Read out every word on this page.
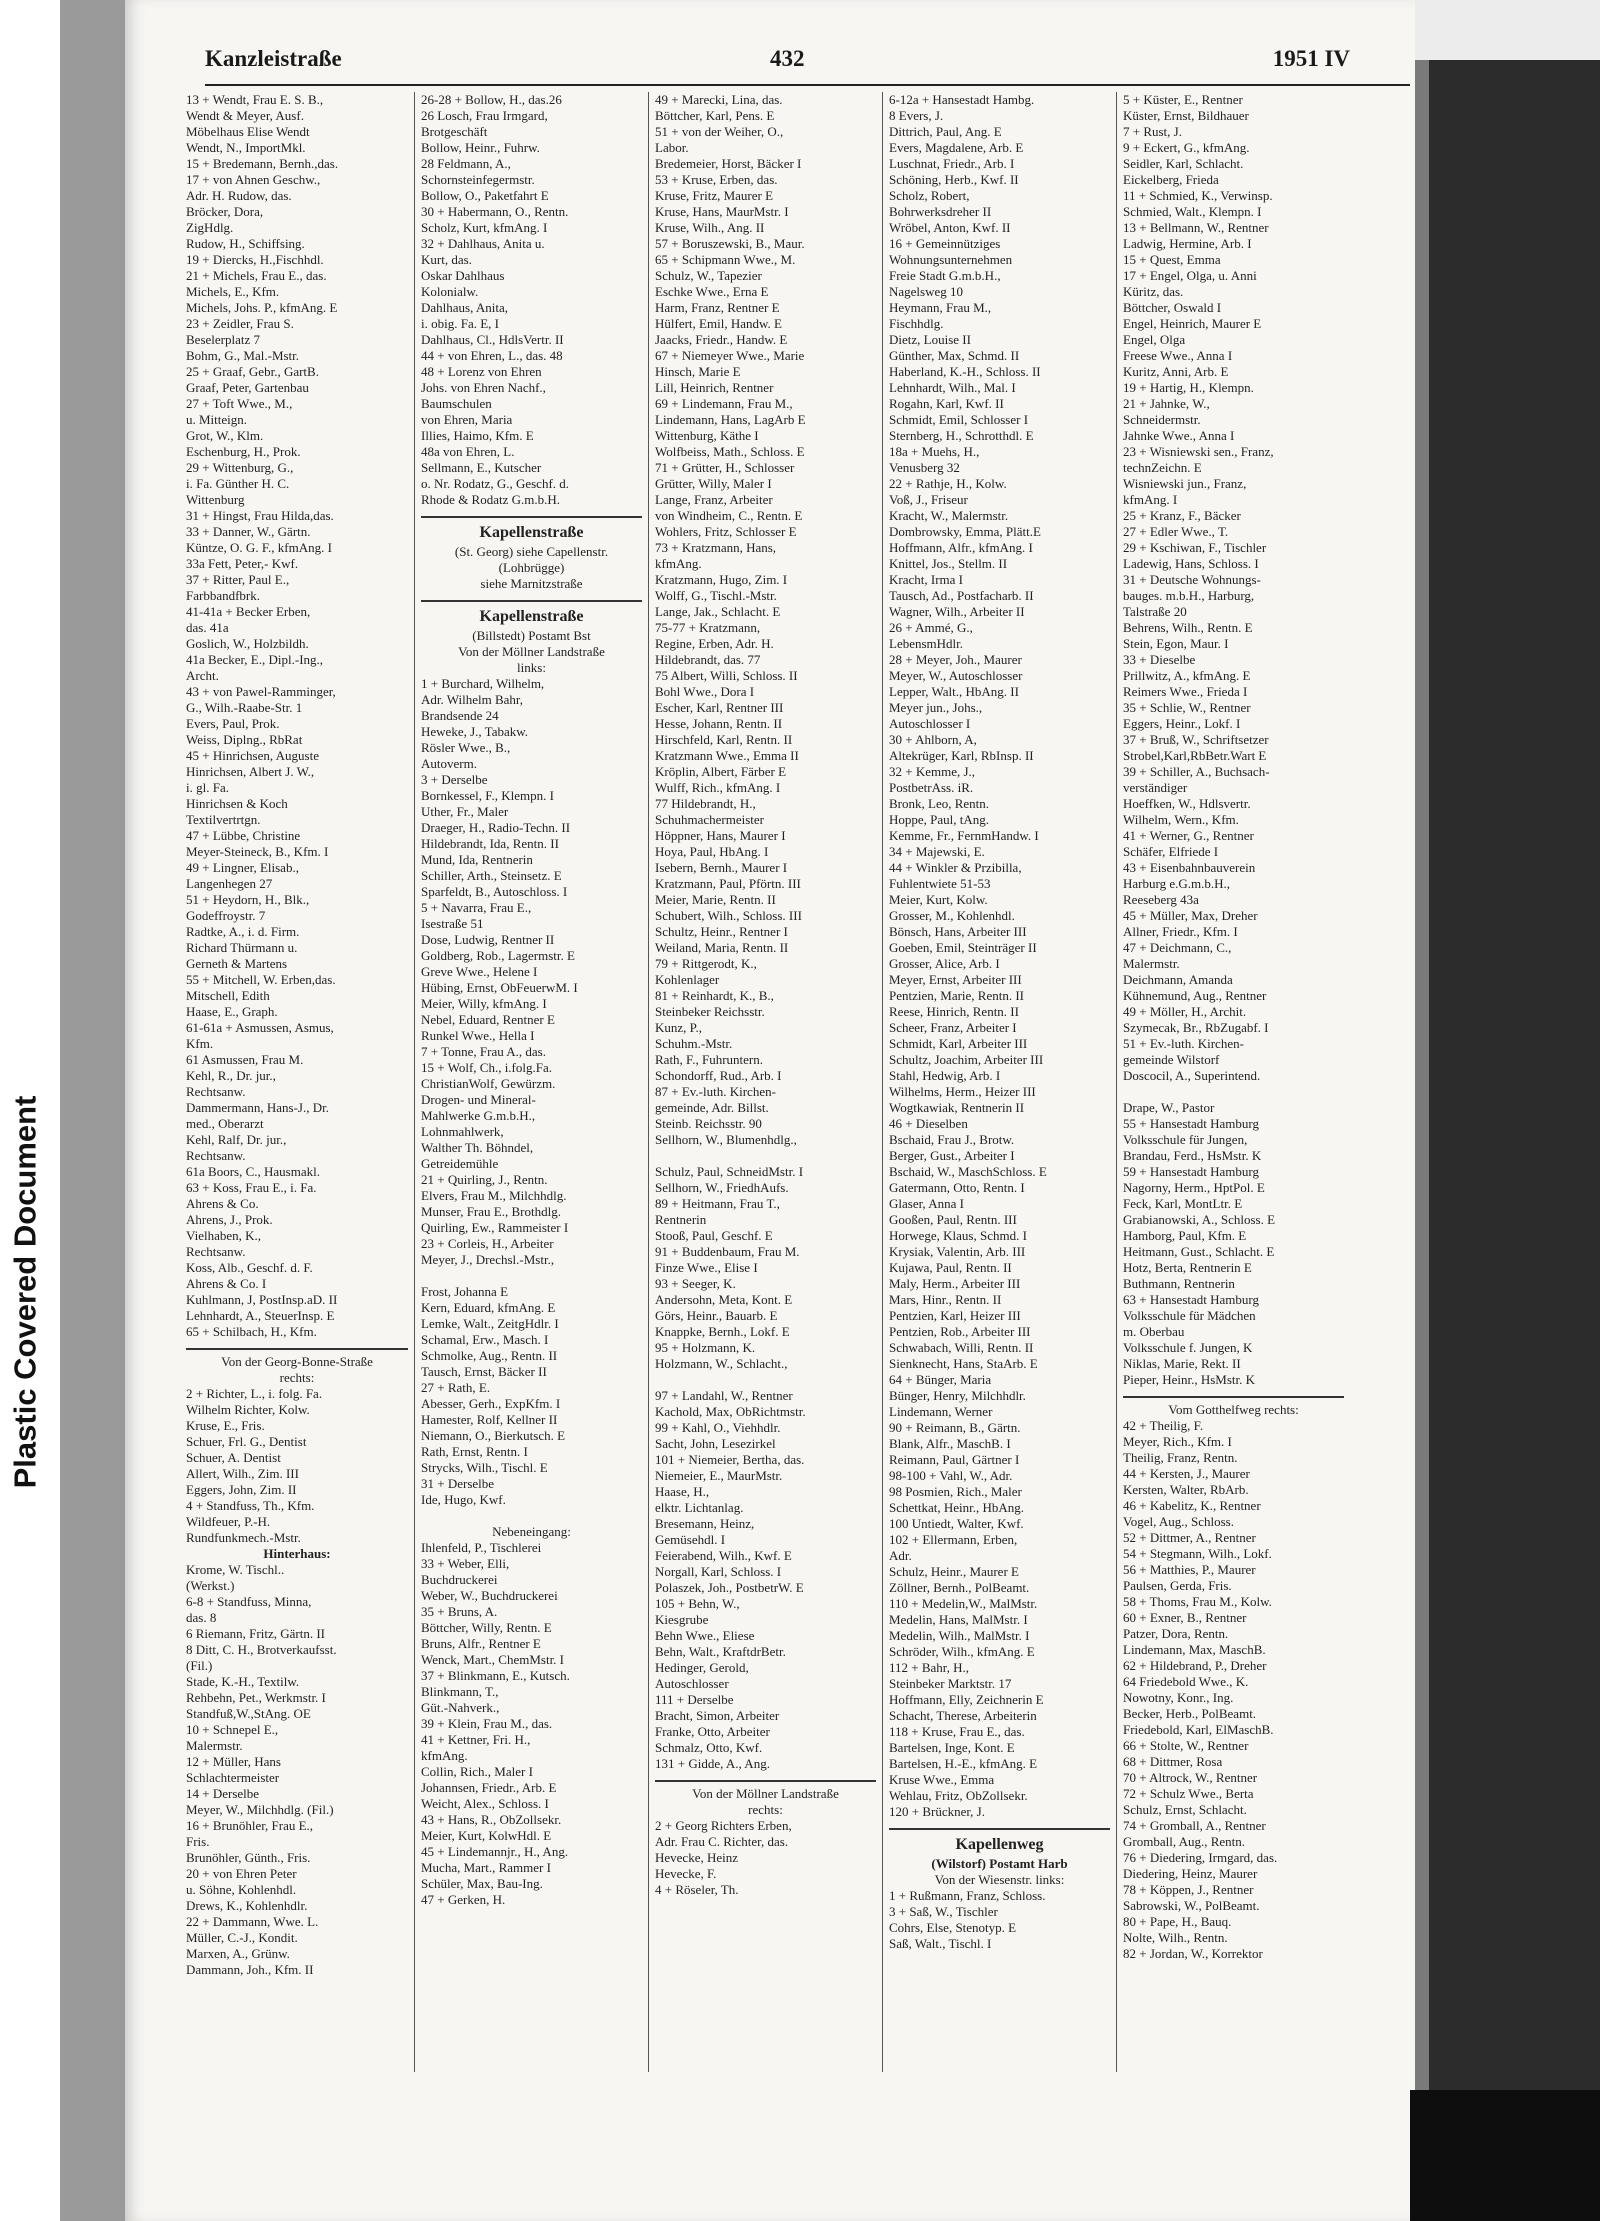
Plastic Covered Document
Kanzleistraße	432	1951 IV
13 + Wendt, Frau E. S. B.,
Wendt & Meyer, Ausf.
Möbelhaus Elise Wendt
Wendt, N., ImportMkl.
15 + Bredemann, Bernh.,das.
17 + von Ahnen Geschw.,
Adr. H. Rudow, das.
Bröcker, Dora,
ZigHdlg.
Rudow, H., Schiffsing.
19 + Diercks, H.,Fischhdl.
21 + Michels, Frau E., das.
Michels, E., Kfm.
Michels, Johs. P., kfmAng. E
23 + Zeidler, Frau S.
Beselerplatz 7
Bohm, G., Mal.-Mstr.
25 + Graaf, Gebr., GartB.
Graaf, Peter, Gartenbau
27 + Toft Wwe., M.,
u. Mitteign.
Grot, W., Klm.
Eschenburg, H., Prok.
29 + Wittenburg, G.,
i. Fa. Günther H. C.
Wittenburg
31 + Hingst, Frau Hilda,das.
33 + Danner, W., Gärtn.
Küntze, O. G. F., kfmAng. I
33a Fett, Peter,- Kwf.
37 + Ritter, Paul E.,
Farbbandfbrk.
41-41a + Becker Erben,
das. 41a
Goslich, W., Holzbildh.
41a Becker, E., Dipl.-Ing.,
Archt.
43 + von Pawel-Ramminger,
G., Wilh.-Raabe-Str. 1
Evers, Paul, Prok.
Weiss, Diplng., RbRat
45 + Hinrichsen, Auguste
Hinrichsen, Albert J. W.,
i. gl. Fa.
Hinrichsen & Koch
Textilvertrtgn.
47 + Lübbe, Christine
Meyer-Steineck, B., Kfm. I
49 + Lingner, Elisab.,
Langenhegen 27
51 + Heydorn, H., Blk.,
Godeffroystr. 7
Radtke, A., i. d. Firm.
Richard Thürmann u.
Gerneth & Martens
55 + Mitchell, W. Erben,das.
Mitschell, Edith
Haase, E., Graph.
61-61a + Asmussen, Asmus,
Kfm.
61 Asmussen, Frau M.
Kehl, R., Dr. jur.,
Rechtsanw.
Dammermann, Hans-J., Dr.
med., Oberarzt
Kehl, Ralf, Dr. jur.,
Rechtsanw.
61a Boors, C., Hausmakl.
63 + Koss, Frau E., i. Fa.
Ahrens & Co.
Ahrens, J., Prok.
Vielhaben, K.,
Rechtsanw.
Koss, Alb., Geschf. d. F.
Ahrens & Co. I
Kuhlmann, J, PostInsp.aD. II
Lehnhardt, A., SteuerInsp. E
65 + Schilbach, H., Kfm.
Von der Georg-Bonne-Straße
rechts:
2 + Richter, L., i. folg. Fa.
Wilhelm Richter, Kolw.
Kruse, E., Fris.
Schuer, Frl. G., Dentist
Schuer, A. Dentist
Allert, Wilh., Zim. III
Eggers, John, Zim. II
4 + Standfuss, Th., Kfm.
Wildfeuer, P.-H.
Rundfunkmech.-Mstr.
Hinterhaus:
Krome, W. Tischl..
(Werkst.)
6-8 + Standfuss, Minna,
das. 8
6 Riemann, Fritz, Gärtn. II
8 Ditt, C. H., Brotverkaufsst.
(Fil.)
Stade, K.-H., Textilw.
Rehbehn, Pet., Werkmstr. I
Standfuß,W.,StAng. OE
10 + Schnepel E.,
Malermstr.
12 + Müller, Hans
Schlachtermeister
14 + Derselbe
Meyer, W., Milchhdlg. (Fil.)
16 + Brunöhler, Frau E.,
Fris.
Brunöhler, Günth., Fris.
20 + von Ehren Peter
u. Söhne, Kohlenhdl.
Drews, K., Kohlenhdlr.
22 + Dammann, Wwe. L.
Müller, C.-J., Kondit.
Marxen, A., Grünw.
Dammann, Joh., Kfm. II
26-28 + Bollow, H., das.26
26 Losch, Frau Irmgard,
Brotgeschäft
Bollow, Heinr., Fuhrw.
28 Feldmann, A.,
Schornsteinfegermstr.
Bollow, O., Paketfahrt E
30 + Habermann, O., Rentn.
Scholz, Kurt, kfmAng. I
32 + Dahlhaus, Anita u.
Kurt, das.
Oskar Dahlhaus
Kolonialw.
Dahlhaus, Anita,
i. obig. Fa. E, I
Dahlhaus, Cl., HdlsVertr. II
44 + von Ehren, L., das. 48
48 + Lorenz von Ehren
Johs. von Ehren Nachf.,
Baumschulen
von Ehren, Maria
Illies, Haimo, Kfm. E
48a von Ehren, L.
Sellmann, E., Kutscher
o. Nr. Rodatz, G., Geschf. d.
Rhode & Rodatz G.m.b.H.
Kapellenstraße
(St. Georg) siehe Capellenstr.
(Lohbrügge)
siehe Marnitzstraße
Kapellenstraße
(Billstedt) Postamt Bst
Von der Möllner Landstraße
links:
1 + Burchard, Wilhelm,
Adr. Wilhelm Bahr,
Brandsende 24
Heweke, J., Tabakw.
Rösler Wwe., B.,
Autoverm.
3 + Derselbe
Bornkessel, F., Klempn. I
Uther, Fr., Maler
Draeger, H., Radio-Techn. II
Hildebrandt, Ida, Rentn. II
Mund, Ida, Rentnerin
Schiller, Arth., Steinsetz. E
Sparfeldt, B., Autoschloss. I
5 + Navarra, Frau E.,
Isestraße 51
Dose, Ludwig, Rentner II
Goldberg, Rob., Lagermstr. E
Greve Wwe., Helene I
Hübing, Ernst, ObFeuerwM. I
Meier, Willy, kfmAng. I
Nebel, Eduard, Rentner E
Runkel Wwe., Hella I
7 + Tonne, Frau A., das.
15 + Wolf, Ch., i.folg.Fa.
ChristianWolf, Gewürzm.
Drogen- und Mineral-
Mahlwerke G.m.b.H.,
Lohnmahlwerk,
Walther Th. Böhndel,
Getreidemühle
21 + Quirling, J., Rentn.
Elvers, Frau M., Milchhdlg.
Munser, Frau E., Brothdlg.
Quirling, Ew., Rammeister I
23 + Corleis, H., Arbeiter
Meyer, J., Drechsl.-Mstr.,
Frost, Johanna E
Kern, Eduard, kfmAng. E
Lemke, Walt., ZeitgHdlr. I
Schamal, Erw., Masch. I
Schmolke, Aug., Rentn. II
Tausch, Ernst, Bäcker II
27 + Rath, E.
Abesser, Gerh., ExpKfm. I
Hamester, Rolf, Kellner II
Niemann, O., Bierkutsch. E
Rath, Ernst, Rentn. I
Strycks, Wilh., Tischl. E
31 + Derselbe
Ide, Hugo, Kwf.
Nebeneingang:
Ihlenfeld, P., Tischlerei
33 + Weber, Elli,
Buchdruckerei
Weber, W., Buchdruckerei
35 + Bruns, A.
Böttcher, Willy, Rentn. E
Bruns, Alfr., Rentner E
Wenck, Mart., ChemMstr. I
37 + Blinkmann, E., Kutsch.
Blinkmann, T.,
Güt.-Nahverk.,
39 + Klein, Frau M., das.
41 + Kettner, Fri. H.,
kfmAng.
Collin, Rich., Maler I
Johannsen, Friedr., Arb. E
Weicht, Alex., Schloss. I
43 + Hans, R., ObZollsekr.
Meier, Kurt, KolwHdl. E
45 + Lindemannjr., H., Ang.
Mucha, Mart., Rammer I
Schüler, Max, Bau-Ing.
47 + Gerken, H.
49 + Marecki, Lina, das.
Böttcher, Karl, Pens. E
51 + von der Weiher, O.,
Labor.
Bredemeier, Horst, Bäcker I
53 + Kruse, Erben, das.
Kruse, Fritz, Maurer E
Kruse, Hans, MaurMstr. I
Kruse, Wilh., Ang. II
57 + Boruszewski, B., Maur.
65 + Schipmann Wwe., M.
Schulz, W., Tapezier
Eschke Wwe., Erna E
Harm, Franz, Rentner E
Hülfert, Emil, Handw. E
Jaacks, Friedr., Handw. E
67 + Niemeyer Wwe., Marie
Hinsch, Marie E
Lill, Heinrich, Rentner
69 + Lindemann, Frau M.,
Lindemann, Hans, LagArb E
Wittenburg, Käthe I
Wolfbeiss, Math., Schloss. E
71 + Grütter, H., Schlosser
Grütter, Willy, Maler I
Lange, Franz, Arbeiter
von Windheim, C., Rentn. E
Wohlers, Fritz, Schlosser E
73 + Kratzmann, Hans,
kfmAng.
Kratzmann, Hugo, Zim. I
Wolff, G., Tischl.-Mstr.
Lange, Jak., Schlacht. E
75-77 + Kratzmann,
Regine, Erben, Adr. H.
Hildebrandt, das. 77
75 Albert, Willi, Schloss. II
Bohl Wwe., Dora I
Escher, Karl, Rentner III
Hesse, Johann, Rentn. II
Hirschfeld, Karl, Rentn. II
Kratzmann Wwe., Emma II
Kröplin, Albert, Färber E
Wulff, Rich., kfmAng. I
77 Hildebrandt, H.,
Schuhmachermeister
Höppner, Hans, Maurer I
Hoya, Paul, HbAng. I
Isebern, Bernh., Maurer I
Kratzmann, Paul, Pförtn. III
Meier, Marie, Rentn. II
Schubert, Wilh., Schloss. III
Schultz, Heinr., Rentner I
Weiland, Maria, Rentn. II
79 + Rittgerodt, K.,
Kohlenlager
81 + Reinhardt, K., B.,
Steinbeker Reichsstr.
Kunz, P.,
Schuhm.-Mstr.
Rath, F., Fuhruntern.
Schondorff, Rud., Arb. I
87 + Ev.-luth. Kirchen-
gemeinde, Adr. Billst.
Steinb. Reichsstr. 90
Sellhorn, W., Blumenhdlg.,
Schulz, Paul, SchneidMstr. I
Sellhorn, W., FriedhAufs.
89 + Heitmann, Frau T.,
Rentnerin
Stooß, Paul, Geschf. E
91 + Buddenbaum, Frau M.
Finze Wwe., Elise I
93 + Seeger, K.
Andersohn, Meta, Kont. E
Görs, Heinr., Bauarb. E
Knappke, Bernh., Lokf. E
95 + Holzmann, K.
Holzmann, W., Schlacht.,
97 + Landahl, W., Rentner
Kachold, Max, ObRichtmstr.
99 + Kahl, O., Viehhdlr.
Sacht, John, Lesezirkel
101 + Niemeier, Bertha, das.
Niemeier, E., MaurMstr.
Haase, H.,
elktr. Lichtanlag.
Bresemann, Heinz,
Gemüsehdl. I
Feierabend, Wilh., Kwf. E
Norgall, Karl, Schloss. I
Polaszek, Joh., PostbetrW. E
105 + Behn, W.,
Kiesgrube
Behn Wwe., Eliese
Behn, Walt., KraftdrBetr.
Hedinger, Gerold,
Autoschlosser
111 + Derselbe
Bracht, Simon, Arbeiter
Franke, Otto, Arbeiter
Schmalz, Otto, Kwf.
131 + Gidde, A., Ang.
Von der Möllner Landstraße
rechts:
2 + Georg Richters Erben,
Adr. Frau C. Richter, das.
Hevecke, Heinz
Hevecke, F.
4 + Röseler, Th.
6-12a + Hansestadt Hambg.
8 Evers, J.
Dittrich, Paul, Ang. E
Evers, Magdalene, Arb. E
Luschnat, Friedr., Arb. I
Schöning, Herb., Kwf. II
Scholz, Robert,
Bohrwerksdreher II
Wröbel, Anton, Kwf. II
16 + Gemeinnütziges
Wohnungsunternehmen
Freie Stadt G.m.b.H.,
Nagelsweg 10
Heymann, Frau M.,
Fischhdlg.
Dietz, Louise II
Günther, Max, Schmd. II
Haberland, K.-H., Schloss. II
Lehnhardt, Wilh., Mal. I
Rogahn, Karl, Kwf. II
Schmidt, Emil, Schlosser I
Sternberg, H., Schrotthdl. E
18a + Muehs, H.,
Venusberg 32
22 + Rathje, H., Kolw.
Voß, J., Friseur
Kracht, W., Malermstr.
Dombrowsky, Emma, Plätt.E
Hoffmann, Alfr., kfmAng. I
Knittel, Jos., Stellm. II
Kracht, Irma I
Tausch, Ad., Postfacharb. II
Wagner, Wilh., Arbeiter II
26 + Ammé, G.,
LebensmHdlr.
28 + Meyer, Joh., Maurer
Meyer, W., Autoschlosser
Lepper, Walt., HbAng. II
Meyer jun., Johs.,
Autoschlosser I
30 + Ahlborn, A,
Altekrüger, Karl, RbInsp. II
32 + Kemme, J.,
PostbetrAss. iR.
Bronk, Leo, Rentn.
Hoppe, Paul, tAng.
Kemme, Fr., FernmHandw. I
34 + Majewski, E.
44 + Winkler & Przibilla,
Fuhlentwiete 51-53
Meier, Kurt, Kolw.
Grosser, M., Kohlenhdl.
Bönsch, Hans, Arbeiter III
Goeben, Emil, Steinträger II
Grosser, Alice, Arb. I
Meyer, Ernst, Arbeiter III
Pentzien, Marie, Rentn. II
Reese, Hinrich, Rentn. II
Scheer, Franz, Arbeiter I
Schmidt, Karl, Arbeiter III
Schultz, Joachim, Arbeiter III
Stahl, Hedwig, Arb. I
Wilhelms, Herm., Heizer III
Wogtkawiak, Rentnerin II
46 + Dieselben
Bschaid, Frau J., Brotw.
Berger, Gust., Arbeiter I
Bschaid, W., MaschSchloss. E
Gatermann, Otto, Rentn. I
Glaser, Anna I
Gooßen, Paul, Rentn. III
Horwege, Klaus, Schmd. I
Krysiak, Valentin, Arb. III
Kujawa, Paul, Rentn. II
Maly, Herm., Arbeiter III
Mars, Hinr., Rentn. II
Pentzien, Karl, Heizer III
Pentzien, Rob., Arbeiter III
Schwabach, Willi, Rentn. II
Sienknecht, Hans, StaArb. E
64 + Bünger, Maria
Bünger, Henry, Milchhdlr.
Lindemann, Werner
90 + Reimann, B., Gärtn.
Blank, Alfr., MaschB. I
Reimann, Paul, Gärtner I
98-100 + Vahl, W., Adr.
98 Posmien, Rich., Maler
Schettkat, Heinr., HbAng.
100 Untiedt, Walter, Kwf.
102 + Ellermann, Erben,
Adr.
Schulz, Heinr., Maurer E
Zöllner, Bernh., PolBeamt.
110 + Medelin,W., MalMstr.
Medelin, Hans, MalMstr. I
Medelin, Wilh., MalMstr. I
Schröder, Wilh., kfmAng. E
112 + Bahr, H.,
Steinbeker Marktstr. 17
Hoffmann, Elly, Zeichnerin E
Schacht, Therese, Arbeiterin
118 + Kruse, Frau E., das.
Bartelsen, Inge, Kont. E
Bartelsen, H.-E., kfmAng. E
Kruse Wwe., Emma
Wehlau, Fritz, ObZollsekr.
120 + Brückner, J.
Kapellenweg
(Wilstorf) Postamt Harb
Von der Wiesenstr. links:
1 + Rußmann, Franz, Schloss.
3 + Saß, W., Tischler
Cohrs, Else, Stenotyp. E
Saß, Walt., Tischl. I
5 + Küster, E., Rentner
Küster, Ernst, Bildhauer
7 + Rust, J.
9 + Eckert, G., kfmAng.
Seidler, Karl, Schlacht.
Eickelberg, Frieda
11 + Schmied, K., Verwinsp.
Schmied, Walt., Klempn. I
13 + Bellmann, W., Rentner
Ladwig, Hermine, Arb. I
15 + Quest, Emma
17 + Engel, Olga, u. Anni
Küritz, das.
Böttcher, Oswald I
Engel, Heinrich, Maurer E
Engel, Olga
Freese Wwe., Anna I
Kuritz, Anni, Arb. E
19 + Hartig, H., Klempn.
21 + Jahnke, W.,
Schneidermstr.
Jahnke Wwe., Anna I
23 + Wisniewski sen., Franz,
technZeichn. E
Wisniewski jun., Franz,
kfmAng. I
25 + Kranz, F., Bäcker
27 + Edler Wwe., T.
29 + Kschiwan, F., Tischler
Ladewig, Hans, Schloss. I
31 + Deutsche Wohnungs-
bauges. m.b.H., Harburg,
Talstraße 20
Behrens, Wilh., Rentn. E
Stein, Egon, Maur. I
33 + Dieselbe
Prillwitz, A., kfmAng. E
Reimers Wwe., Frieda I
35 + Schlie, W., Rentner
Eggers, Heinr., Lokf. I
37 + Bruß, W., Schriftsetzer
Strobel,Karl,RbBetr.Wart E
39 + Schiller, A., Buchsach-
verständiger
Hoeffken, W., Hdlsvertr.
Wilhelm, Wern., Kfm.
41 + Werner, G., Rentner
Schäfer, Elfriede I
43 + Eisenbahnbauverein
Harburg e.G.m.b.H.,
Reeseberg 43a
45 + Müller, Max, Dreher
Allner, Friedr., Kfm. I
47 + Deichmann, C.,
Malermstr.
Deichmann, Amanda
Kühnemund, Aug., Rentner
49 + Möller, H., Archit.
Szymecak, Br., RbZugabf. I
51 + Ev.-luth. Kirchen-
gemeinde Wilstorf
Doscocil, A., Superintend.
Drape, W., Pastor
55 + Hansestadt Hamburg
Volksschule für Jungen,
Brandau, Ferd., HsMstr. K
59 + Hansestadt Hamburg
Nagorny, Herm., HptPol. E
Feck, Karl, MontLtr. E
Grabianowski, A., Schloss. E
Hamborg, Paul, Kfm. E
Heitmann, Gust., Schlacht. E
Hotz, Berta, Rentnerin E
Buthmann, Rentnerin
63 + Hansestadt Hamburg
Volksschule für Mädchen
m. Oberbau
Volksschule f. Jungen, K
Niklas, Marie, Rekt. II
Pieper, Heinr., HsMstr. K
Vom Gotthelfweg rechts:
42 + Theilig, F.
Meyer, Rich., Kfm. I
Theilig, Franz, Rentn.
44 + Kersten, J., Maurer
Kersten, Walter, RbArb.
46 + Kabelitz, K., Rentner
Vogel, Aug., Schloss.
52 + Dittmer, A., Rentner
54 + Stegmann, Wilh., Lokf.
56 + Matthies, P., Maurer
Paulsen, Gerda, Fris.
58 + Thoms, Frau M., Kolw.
60 + Exner, B., Rentner
Patzer, Dora, Rentn.
Lindemann, Max, MaschB.
62 + Hildebrand, P., Dreher
64 Friedebold Wwe., K.
Nowotny, Konr., Ing.
Becker, Herb., PolBeamt.
Friedebold, Karl, ElMaschB.
66 + Stolte, W., Rentner
68 + Dittmer, Rosa
70 + Altrock, W., Rentner
72 + Schulz Wwe., Berta
Schulz, Ernst, Schlacht.
74 + Gromball, A., Rentner
Gromball, Aug., Rentn.
76 + Diedering, Irmgard, das.
Diedering, Heinz, Maurer
78 + Köppen, J., Rentner
Sabrowski, W., PolBeamt.
80 + Pape, H., Bauq.
Nolte, Wilh., Rentn.
82 + Jordan, W., Korrektor
